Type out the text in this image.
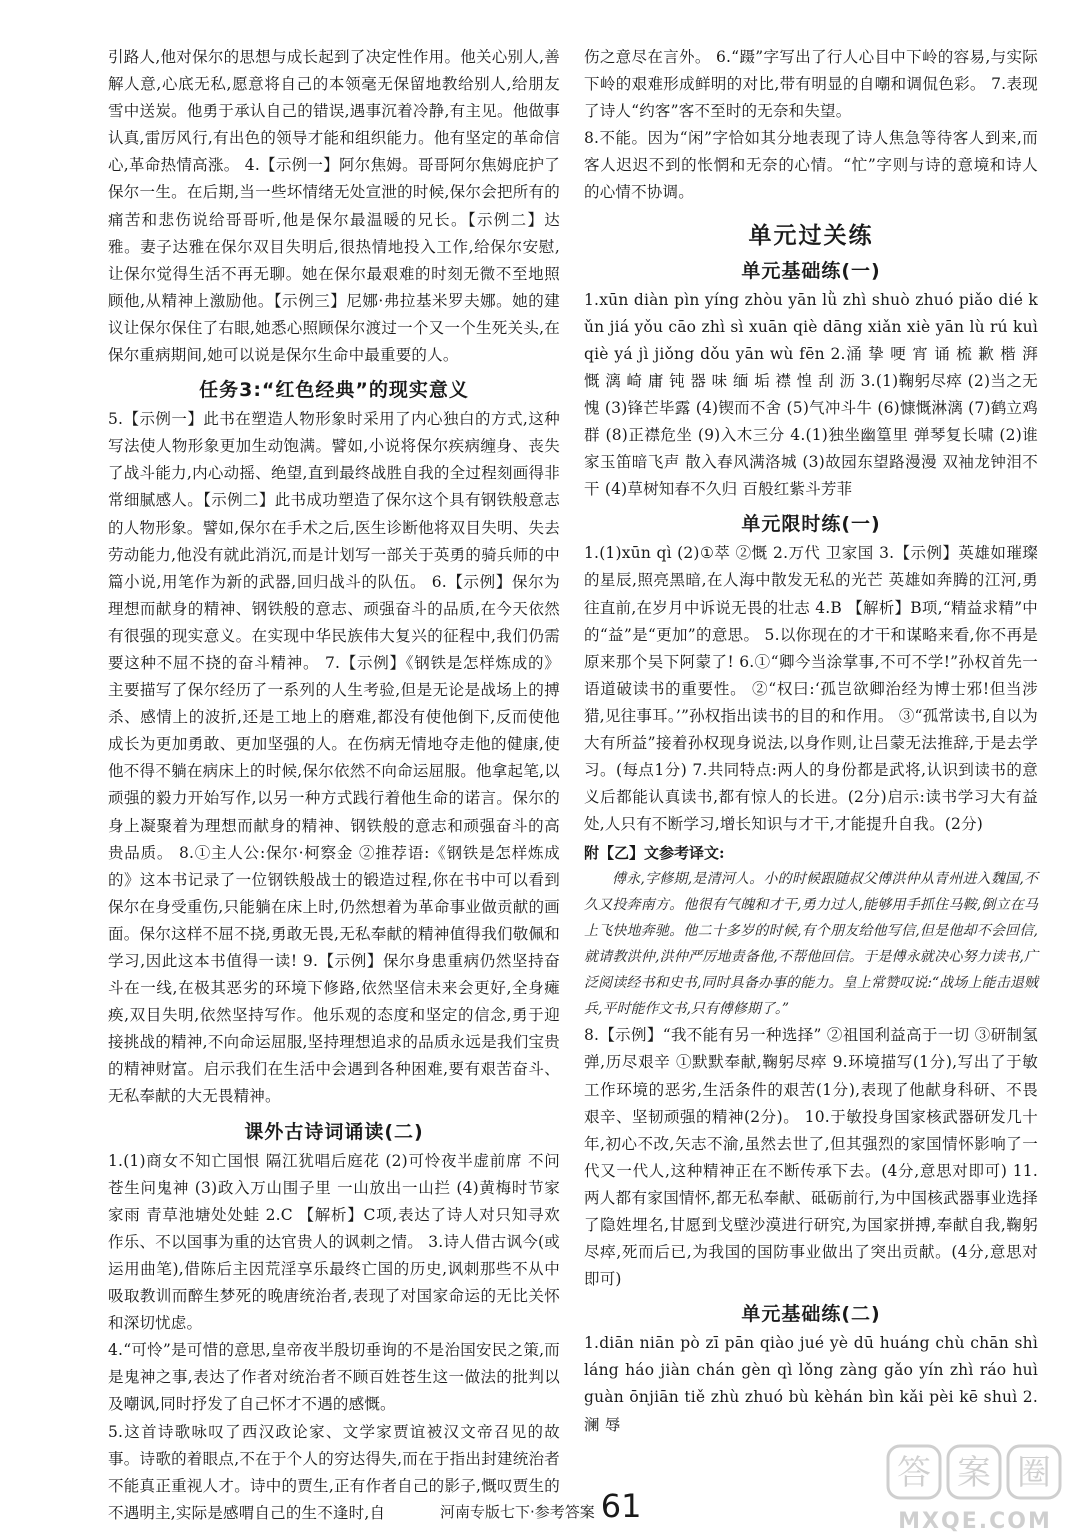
引路人,他对保尔的思想与成长起到了决定性作用。他关心别人,善解人意,心底无私,愿意将自己的本领毫无保留地教给别人,给朋友雪中送炭。他勇于承认自己的错误,遇事沉着冷静,有主见。他做事认真,雷厉风行,有出色的领导才能和组织能力。他有坚定的革命信心,革命热情高涨。 4.【示例一】阿尔焦姆。哥哥阿尔焦姆庇护了保尔一生。在后期,当一些坏情绪无处宣泄的时候,保尔会把所有的痛苦和悲伤说给哥哥听,他是保尔最温暖的兄长。【示例二】达雅。妻子达雅在保尔双目失明后,很热情地投入工作,给保尔安慰,让保尔觉得生活不再无聊。她在保尔最艰难的时刻无微不至地照顾他,从精神上激励他。【示例三】尼娜·弗拉基米罗夫娜。她的建议让保尔保住了右眼,她悉心照顾保尔渡过一个又一个生死关头,在保尔重病期间,她可以说是保尔生命中最重要的人。

任务3:“红色经典”的现实意义

5.【示例一】此书在塑造人物形象时采用了内心独白的方式,这种写法使人物形象更加生动饱满。譬如,小说将保尔疾病缠身、丧失了战斗能力,内心动摇、绝望,直到最终战胜自我的全过程刻画得非常细腻感人。【示例二】此书成功塑造了保尔这个具有钢铁般意志的人物形象。譬如,保尔在手术之后,医生诊断他将双目失明、失去劳动能力,他没有就此消沉,而是计划写一部关于英勇的骑兵师的中篇小说,用笔作为新的武器,回归战斗的队伍。 6.【示例】保尔为理想而献身的精神、钢铁般的意志、顽强奋斗的品质,在今天依然有很强的现实意义。在实现中华民族伟大复兴的征程中,我们仍需要这种不屈不挠的奋斗精神。 7.【示例】《钢铁是怎样炼成的》主要描写了保尔经历了一系列的人生考验,但是无论是战场上的搏杀、感情上的波折,还是工地上的磨难,都没有使他倒下,反而使他成长为更加勇敢、更加坚强的人。在伤病无情地夺走他的健康,使他不得不躺在病床上的时候,保尔依然不向命运屈服。他拿起笔,以顽强的毅力开始写作,以另一种方式践行着他生命的诺言。保尔的身上凝聚着为理想而献身的精神、钢铁般的意志和顽强奋斗的高贵品质。 8.①主人公:保尔·柯察金 ②推荐语:《钢铁是怎样炼成的》这本书记录了一位钢铁般战士的锻造过程,你在书中可以看到保尔在身受重伤,只能躺在床上时,仍然想着为革命事业做贡献的画面。保尔这样不屈不挠,勇敢无畏,无私奉献的精神值得我们敬佩和学习,因此这本书值得一读! 9.【示例】保尔身患重病仍然坚持奋斗在一线,在极其恶劣的环境下修路,依然坚信未来会更好,全身瘫痪,双目失明,依然坚持写作。他乐观的态度和坚定的信念,勇于迎接挑战的精神,不向命运屈服,坚持理想追求的品质永远是我们宝贵的精神财富。启示我们在生活中会遇到各种困难,要有艰苦奋斗、无私奉献的大无畏精神。

课外古诗词诵读(二)

1.(1)商女不知亡国恨 隔江犹唱后庭花 (2)可怜夜半虚前席 不问苍生问鬼神 (3)政入万山围子里 一山放出一山拦 (4)黄梅时节家家雨 青草池塘处处蛙 2.C 【解析】C项,表达了诗人对只知寻欢作乐、不以国事为重的达官贵人的讽刺之情。 3.诗人借古讽今(或运用曲笔),借陈后主因荒淫享乐最终亡国的历史,讽刺那些不从中吸取教训而醉生梦死的晚唐统治者,表现了对国家命运的无比关怀和深切忧虑。

4.“可怜”是可惜的意思,皇帝夜半殷切垂询的不是治国安民之策,而是鬼神之事,表达了作者对统治者不顾百姓苍生这一做法的批判以及嘲讽,同时抒发了自己怀才不遇的感慨。

5.这首诗歌咏叹了西汉政论家、文学家贾谊被汉文帝召见的故事。诗歌的着眼点,不在于个人的穷达得失,而在于指出封建统治者不能真正重视人才。诗中的贾生,正有作者自己的影子,慨叹贾生的不遇明主,实际是感喟自己的生不逢时,自

伤之意尽在言外。 6.“蹑”字写出了行人心目中下岭的容易,与实际下岭的艰难形成鲜明的对比,带有明显的自嘲和调侃色彩。 7.表现了诗人“约客”客不至时的无奈和失望。

8.不能。因为“闲”字恰如其分地表现了诗人焦急等待客人到来,而客人迟迟不到的怅惘和无奈的心情。“忙”字则与诗的意境和诗人的心情不协调。

单元过关练
单元基础练(一)

1.xūn diàn pìn yíng zhòu yān lǜ zhì shuò zhuó piǎo dié kǔn jiá yǒu cāo zhì sì xuān qiè dāng xiǎn xiè yān lù rú kuì qiè yá jì jiǒng dǒu yān wù fēn 2.涌 挚 哽 宵 诵 梳 歉 楷 湃 慨 漓 崎 庸 钝 器 味 缅 垢 襟 惶 刮 沥 3.(1)鞠躬尽瘁 (2)当之无愧 (3)锋芒毕露 (4)锲而不舍 (5)气冲斗牛 (6)慷慨淋漓 (7)鹤立鸡群 (8)正襟危坐 (9)入木三分 4.(1)独坐幽篁里 弹琴复长啸 (2)谁家玉笛暗飞声 散入春风满洛城 (3)故园东望路漫漫 双袖龙钟泪不干 (4)草树知春不久归 百般红紫斗芳菲

单元限时练(一)

1.(1)xūn qì (2)①萃 ②慨 2.万代 卫家国 3.【示例】英雄如璀璨的星辰,照亮黑暗,在人海中散发无私的光芒 英雄如奔腾的江河,勇往直前,在岁月中诉说无畏的壮志 4.B 【解析】B项,“精益求精”中的“益”是“更加”的意思。 5.以你现在的才干和谋略来看,你不再是原来那个吴下阿蒙了! 6.①“卿今当涂掌事,不可不学!”孙权首先一语道破读书的重要性。 ②“权曰:‘孤岂欲卿治经为博士邪!但当涉猎,见往事耳。’”孙权指出读书的目的和作用。 ③“孤常读书,自以为大有所益”接着孙权现身说法,以身作则,让吕蒙无法推辞,于是去学习。(每点1分) 7.共同特点:两人的身份都是武将,认识到读书的意义后都能认真读书,都有惊人的长进。(2分)启示:读书学习大有益处,人只有不断学习,增长知识与才干,才能提升自我。(2分)

附【乙】文参考译文:

傅永,字修期,是清河人。小的时候跟随叔父傅洪仲从青州进入魏国,不久又投奔南方。他很有气魄和才干,勇力过人,能够用手抓住马鞍,倒立在马上飞快地奔驰。他二十多岁的时候,有个朋友给他写信,但是他却不会回信,就请教洪仲,洪仲严厉地责备他,不帮他回信。于是傅永就决心努力读书,广泛阅读经书和史书,同时具备办事的能力。皇上常赞叹说:“战场上能击退贼兵,平时能作文书,只有傅修期了。”

8.【示例】“我不能有另一种选择” ②祖国利益高于一切 ③研制氢弹,历尽艰辛 ①默默奉献,鞠躬尽瘁 9.环境描写(1分),写出了于敏工作环境的恶劣,生活条件的艰苦(1分),表现了他献身科研、不畏艰辛、坚韧顽强的精神(2分)。 10.于敏投身国家核武器研发几十年,初心不改,矢志不渝,虽然去世了,但其强烈的家国情怀影响了一代又一代人,这种精神正在不断传承下去。(4分,意思对即可) 11.两人都有家国情怀,都无私奉献、砥砺前行,为中国核武器事业选择了隐姓埋名,甘愿到戈壁沙漠进行研究,为国家拼搏,奉献自我,鞠躬尽瘁,死而后已,为我国的国防事业做出了突出贡献。(4分,意思对即可)

单元基础练(二)

1.diān niān pò zī pān qiào jué yè dū huáng chù chān shì láng háo jiàn chán gèn qì lǒng zàng gǎo yín zhì ráo huì guàn ōnjiān tiě zhù zhuó bù kèhán bìn kǎi pèi kē shuì 2.澜 辱

河南专版七下·参考答案 61
答 案 圈
MXQE.COM
